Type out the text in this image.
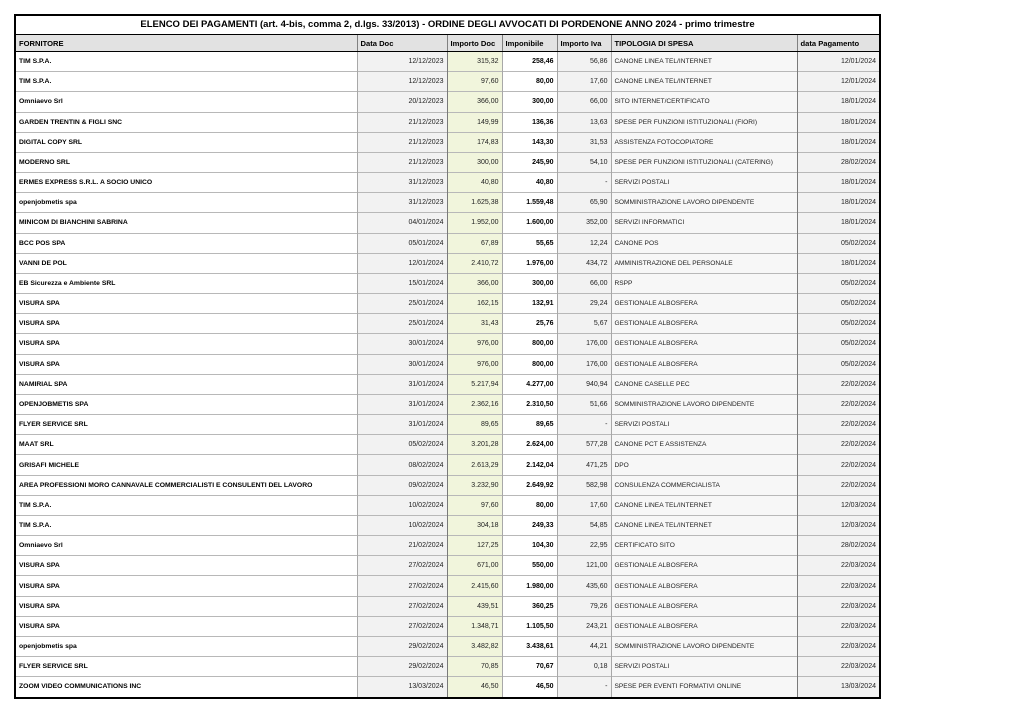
ELENCO DEI PAGAMENTI (art. 4-bis, comma 2, d.lgs. 33/2013) - ORDINE DEGLI AVVOCATI DI PORDENONE ANNO 2024 - primo trimestre
FORNITORE	Data Doc	Importo Doc	Imponibile	Importo Iva	TIPOLOGIA DI SPESA	data Pagamento
TIM S.P.A.	12/12/2023	315,32	258,46	56,86	CANONE LINEA TEL/INTERNET	12/01/2024
TIM S.P.A.	12/12/2023	97,60	80,00	17,60	CANONE LINEA TEL/INTERNET	12/01/2024
Omniaevo Srl	20/12/2023	366,00	300,00	66,00	SITO INTERNET/CERTIFICATO	18/01/2024
GARDEN TRENTIN & FIGLI SNC	21/12/2023	149,99	136,36	13,63	SPESE PER FUNZIONI ISTITUZIONALI (FIORI)	18/01/2024
DIGITAL COPY SRL	21/12/2023	174,83	143,30	31,53	ASSISTENZA FOTOCOPIATORE	18/01/2024
MODERNO SRL	21/12/2023	300,00	245,90	54,10	SPESE PER FUNZIONI ISTITUZIONALI (CATERING)	28/02/2024
ERMES EXPRESS S.R.L. A SOCIO UNICO	31/12/2023	40,80	40,80	-	SERVIZI POSTALI	18/01/2024
openjobmetis spa	31/12/2023	1.625,38	1.559,48	65,90	SOMMINISTRAZIONE LAVORO DIPENDENTE	18/01/2024
MINICOM DI BIANCHINI SABRINA	04/01/2024	1.952,00	1.600,00	352,00	SERVIZI INFORMATICI	18/01/2024
BCC POS SPA	05/01/2024	67,89	55,65	12,24	CANONE POS	05/02/2024
VANNI DE POL	12/01/2024	2.410,72	1.976,00	434,72	AMMINISTRAZIONE DEL PERSONALE	18/01/2024
EB Sicurezza e Ambiente SRL	15/01/2024	366,00	300,00	66,00	RSPP	05/02/2024
VISURA SPA	25/01/2024	162,15	132,91	29,24	GESTIONALE ALBOSFERA	05/02/2024
VISURA SPA	25/01/2024	31,43	25,76	5,67	GESTIONALE ALBOSFERA	05/02/2024
VISURA SPA	30/01/2024	976,00	800,00	176,00	GESTIONALE ALBOSFERA	05/02/2024
VISURA SPA	30/01/2024	976,00	800,00	176,00	GESTIONALE ALBOSFERA	05/02/2024
NAMIRIAL SPA	31/01/2024	5.217,94	4.277,00	940,94	CANONE CASELLE PEC	22/02/2024
OPENJOBMETIS SPA	31/01/2024	2.362,16	2.310,50	51,66	SOMMINISTRAZIONE LAVORO DIPENDENTE	22/02/2024
FLYER SERVICE SRL	31/01/2024	89,65	89,65	-	SERVIZI POSTALI	22/02/2024
MAAT SRL	05/02/2024	3.201,28	2.624,00	577,28	CANONE PCT E ASSISTENZA	22/02/2024
GRISAFI MICHELE	08/02/2024	2.613,29	2.142,04	471,25	DPO	22/02/2024
AREA PROFESSIONI MORO CANNAVALE COMMERCIALISTI E CONSULENTI DEL LAVORO	09/02/2024	3.232,90	2.649,92	582,98	CONSULENZA COMMERCIALISTA	22/02/2024
TIM S.P.A.	10/02/2024	97,60	80,00	17,60	CANONE LINEA TEL/INTERNET	12/03/2024
TIM S.P.A.	10/02/2024	304,18	249,33	54,85	CANONE LINEA TEL/INTERNET	12/03/2024
Omniaevo Srl	21/02/2024	127,25	104,30	22,95	CERTIFICATO SITO	28/02/2024
VISURA SPA	27/02/2024	671,00	550,00	121,00	GESTIONALE ALBOSFERA	22/03/2024
VISURA SPA	27/02/2024	2.415,60	1.980,00	435,60	GESTIONALE ALBOSFERA	22/03/2024
VISURA SPA	27/02/2024	439,51	360,25	79,26	GESTIONALE ALBOSFERA	22/03/2024
VISURA SPA	27/02/2024	1.348,71	1.105,50	243,21	GESTIONALE ALBOSFERA	22/03/2024
openjobmetis spa	29/02/2024	3.482,82	3.438,61	44,21	SOMMINISTRAZIONE LAVORO DIPENDENTE	22/03/2024
FLYER SERVICE SRL	29/02/2024	70,85	70,67	0,18	SERVIZI POSTALI	22/03/2024
ZOOM VIDEO COMMUNICATIONS INC	13/03/2024	46,50	46,50	-	SPESE PER EVENTI FORMATIVI ONLINE	13/03/2024
